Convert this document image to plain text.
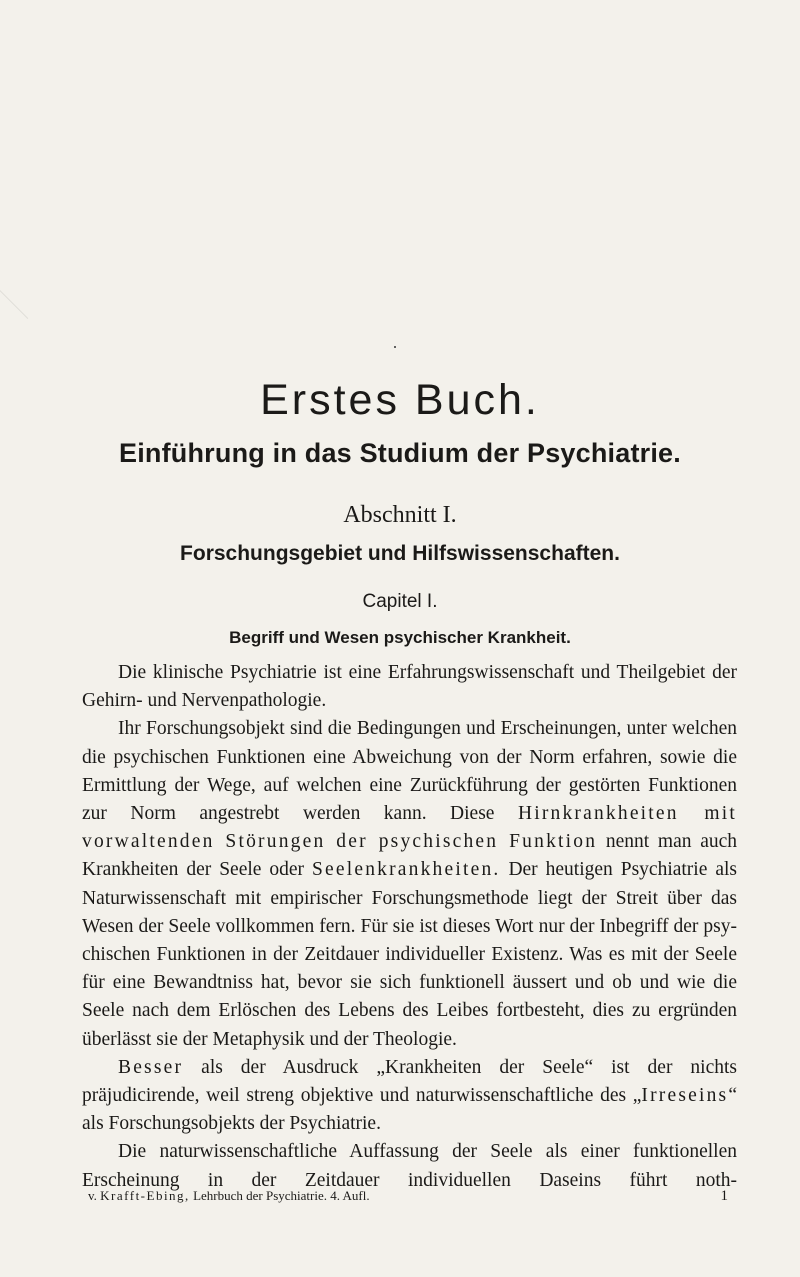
Erstes Buch.
Einführung in das Studium der Psychiatrie.
Abschnitt I.
Forschungsgebiet und Hilfswissenschaften.
Capitel I.
Begriff und Wesen psychischer Krankheit.

Die klinische Psychiatrie ist eine Erfahrungswissenschaft und Theilgebiet der Gehirn- und Nervenpathologie.

Ihr Forschungsobjekt sind die Bedingungen und Erscheinungen, unter welchen die psychischen Funktionen eine Abweichung von der Norm erfahren, sowie die Ermittlung der Wege, auf welchen eine Zurückführung der gestörten Funktionen zur Norm angestrebt werden kann. Diese Hirnkrankheiten mit vorwaltenden Störungen der psychischen Funktion nennt man auch Krankheiten der Seele oder Seelenkrankheiten. Der heutigen Psychiatrie als Naturwissenschaft mit empirischer Forschungsmethode liegt der Streit über das Wesen der Seele vollkommen fern. Für sie ist dieses Wort nur der Inbegriff der psychischen Funktionen in der Zeitdauer individueller Existenz. Was es mit der Seele für eine Bewandtniss hat, bevor sie sich funktionell äussert und ob und wie die Seele nach dem Erlöschen des Lebens des Leibes fortbesteht, dies zu ergründen überlässt sie der Metaphysik und der Theologie.

Besser als der Ausdruck „Krankheiten der Seele“ ist der nichts präjudicirende, weil streng objektive und naturwissenschaftliche des „Irreseins“ als Forschungsobjekts der Psychiatrie.

Die naturwissenschaftliche Auffassung der Seele als einer funktionellen Erscheinung in der Zeitdauer individuellen Daseins führt noth-

v. Krafft-Ebing, Lehrbuch der Psychiatrie. 4. Aufl.	1
